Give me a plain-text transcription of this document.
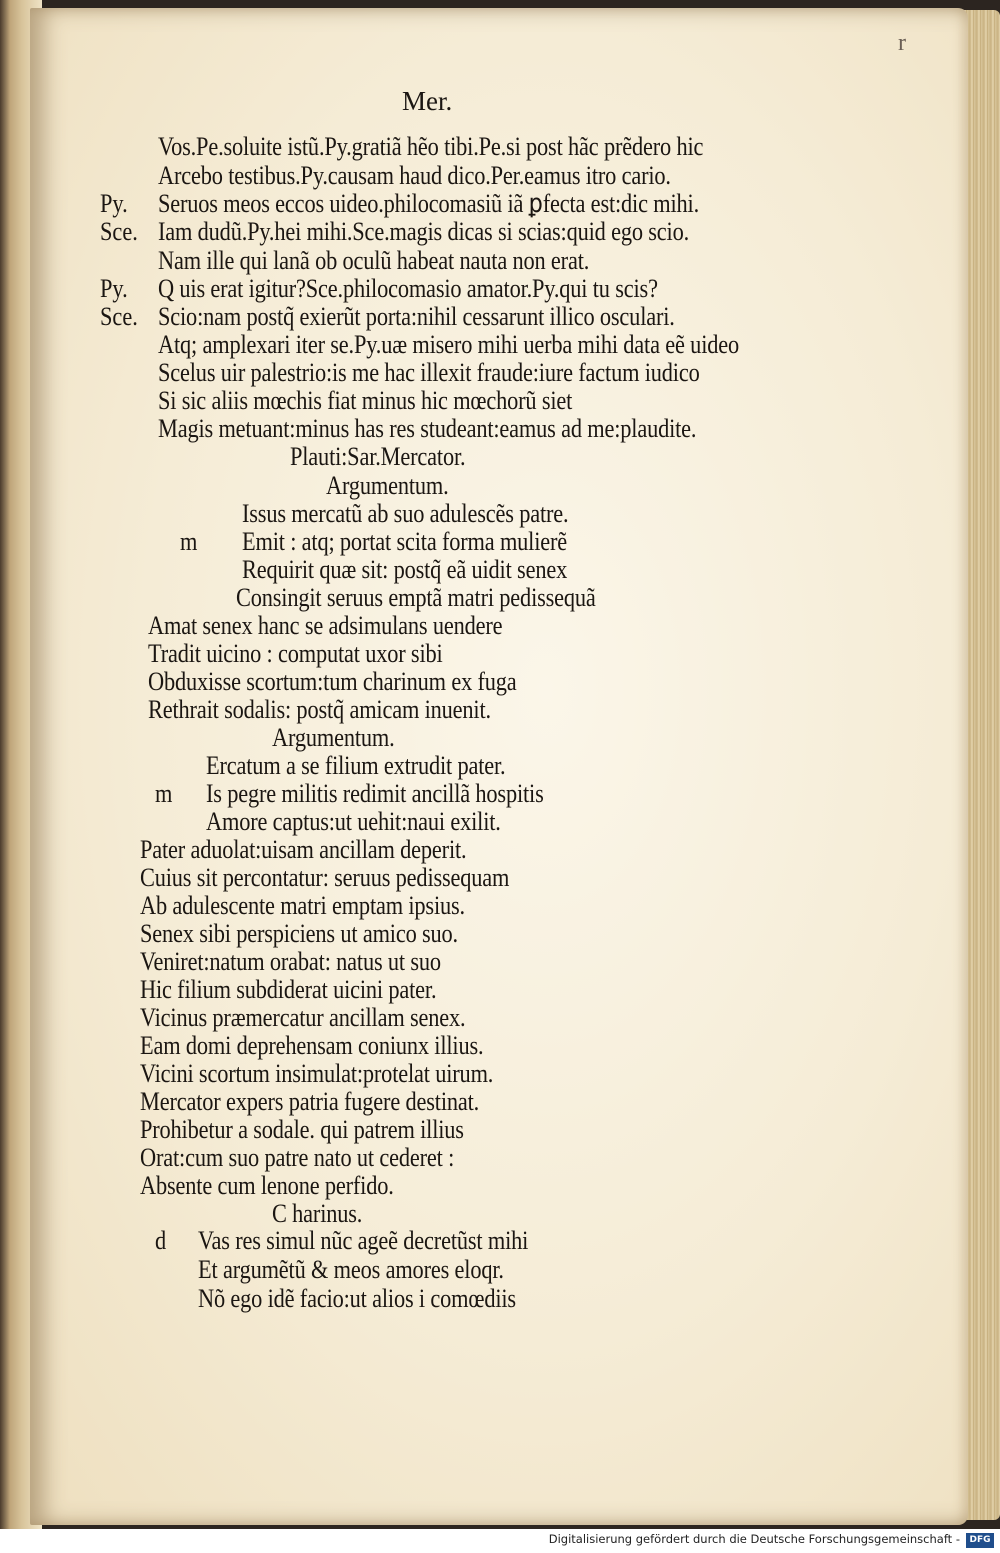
r
Mer.
Vos.Pe.soluite istũ.Py.gratiã hẽo tibi.Pe.si post hãc prẽdero hic
Arcebo testibus.Py.causam haud dico.Per.eamus itro cario.
Py. Seruos meos eccos uideo.philocomasiũ iã ꝑfecta est:dic mihi.
Sce. Iam dudũ.Py.hei mihi.Sce.magis dicas si scias:quid ego scio.
Nam ille qui lanã ob oculũ habeat nauta non erat.
Py. Q uis erat igitur?Sce.philocomasio amator.Py.qui tu scis?
Sce. Scio:nam postq̃ exierũt porta:nihil cessarunt illico osculari.
Atq; amplexari iter se.Py.uæ misero mihi uerba mihi data eẽ uideo
Scelus uir palestrio:is me hac illexit fraude:iure factum iudico
Si sic aliis mœchis fiat minus hic mœchorũ siet
Magis metuant:minus has res studeant:eamus ad me:plaudite.
Plauti:Sar.Mercator.
Argumentum.
Issus mercatũ ab suo adulescẽs patre.
m Emit : atq; portat scita forma mulierẽ
Requirit quæ sit: postq̃ eã uidit senex
Consingit seruus emptã matri pedissequã
Amat senex hanc se adsimulans uendere
Tradit uicino : computat uxor sibi
Obduxisse scortum:tum charinum ex fuga
Rethrait sodalis: postq̃ amicam inuenit.
Argumentum.
Ercatum a se filium extrudit pater.
m Is pegre militis redimit ancillã hospitis
Amore captus:ut uehit:naui exilit.
Pater aduolat:uisam ancillam deperit.
Cuius sit percontatur: seruus pedissequam
Ab adulescente matri emptam ipsius.
Senex sibi perspiciens ut amico suo.
Veniret:natum orabat: natus ut suo
Hic filium subdiderat uicini pater.
Vicinus præmercatur ancillam senex.
Eam domi deprehensam coniunx illius.
Vicini scortum insimulat:protelat uirum.
Mercator expers patria fugere destinat.
Prohibetur a sodale. qui patrem illius
Orat:cum suo patre nato ut cederet :
Absente cum lenone perfido.
C harinus.
d Vas res simul nũc ageẽ decretũst mihi
Et argumẽtũ & meos amores eloqr.
Nõ ego idẽ facio:ut alios i comœdiis
Digitalisierung gefördert durch die Deutsche Forschungsgemeinschaft -	DFG
